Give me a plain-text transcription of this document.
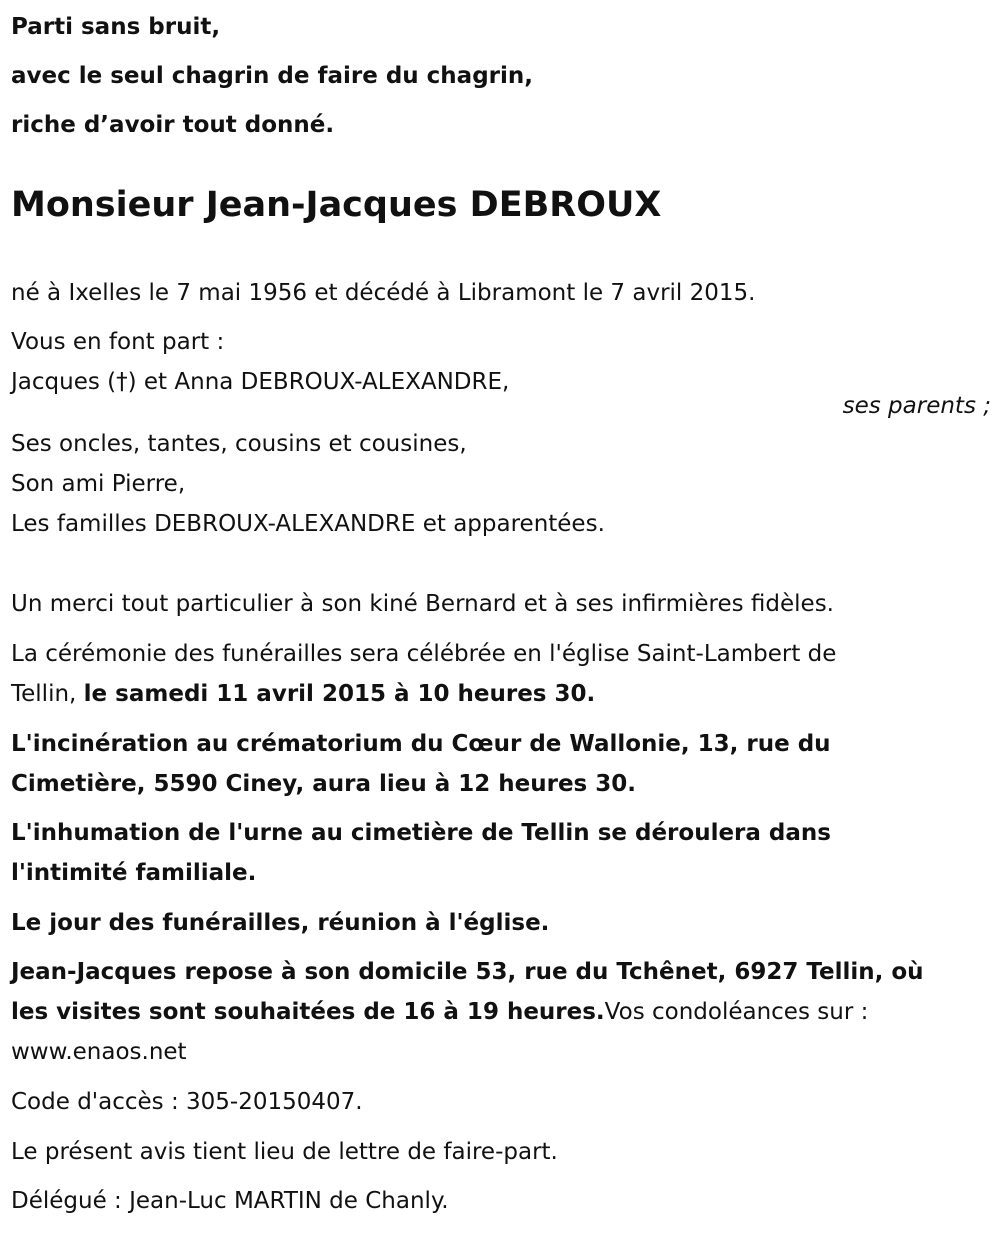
Parti sans bruit,
avec le seul chagrin de faire du chagrin,
riche d’avoir tout donné.
Monsieur Jean-Jacques DEBROUX
né à Ixelles le 7 mai 1956 et décédé à Libramont le 7 avril 2015.
Vous en font part :
Jacques (†) et Anna DEBROUX-ALEXANDRE,
ses parents ;
Ses oncles, tantes, cousins et cousines,
Son ami Pierre,
Les familles DEBROUX-ALEXANDRE et apparentées.
Un merci tout particulier à son kiné Bernard et à ses infirmières fidèles.
La cérémonie des funérailles sera célébrée en l'église Saint-Lambert de
Tellin, le samedi 11 avril 2015 à 10 heures 30.
L'incinération au crématorium du Cœur de Wallonie, 13, rue du
Cimetière, 5590 Ciney, aura lieu à 12 heures 30.
L'inhumation de l'urne au cimetière de Tellin se déroulera dans
l'intimité familiale.
Le jour des funérailles, réunion à l'église.
Jean-Jacques repose à son domicile 53, rue du Tchênet, 6927 Tellin, où
les visites sont souhaitées de 16 à 19 heures.Vos condoléances sur :
www.enaos.net
Code d'accès : 305-20150407.
Le présent avis tient lieu de lettre de faire-part.
Délégué : Jean-Luc MARTIN de Chanly.
